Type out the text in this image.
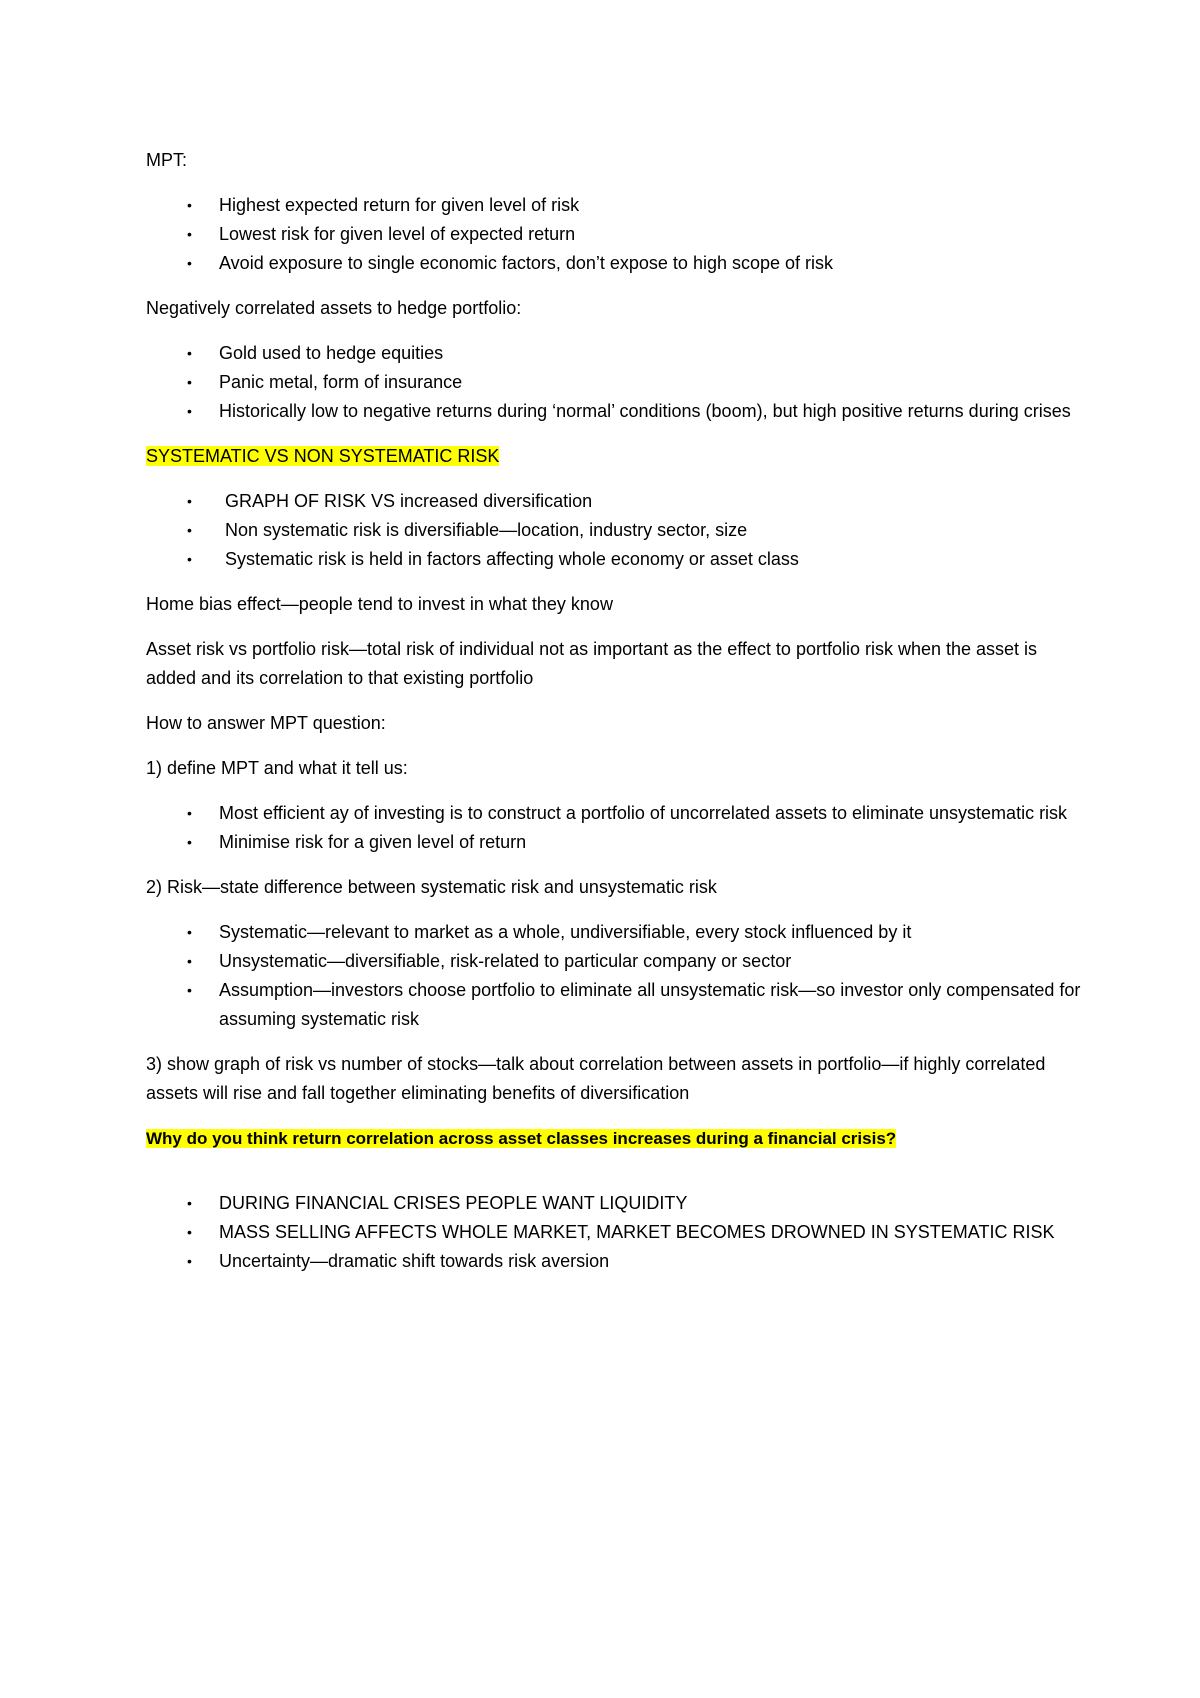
MPT:

• Highest expected return for given level of risk
• Lowest risk for given level of expected return
• Avoid exposure to single economic factors, don’t expose to high scope of risk

Negatively correlated assets to hedge portfolio:

• Gold used to hedge equities
• Panic metal, form of insurance
• Historically low to negative returns during ‘normal’ conditions (boom), but high positive returns during crises

SYSTEMATIC VS NON SYSTEMATIC RISK

• GRAPH OF RISK VS increased diversification
• Non systematic risk is diversifiable—location, industry sector, size
• Systematic risk is held in factors affecting whole economy or asset class

Home bias effect—people tend to invest in what they know

Asset risk vs portfolio risk—total risk of individual not as important as the effect to portfolio risk when the asset is added and its correlation to that existing portfolio

How to answer MPT question:

1) define MPT and what it tell us:

• Most efficient ay of investing is to construct a portfolio of uncorrelated assets to eliminate unsystematic risk
• Minimise risk for a given level of return

2) Risk—state difference between systematic risk and unsystematic risk

• Systematic—relevant to market as a whole, undiversifiable, every stock influenced by it
• Unsystematic—diversifiable, risk-related to particular company or sector
• Assumption—investors choose portfolio to eliminate all unsystematic risk—so investor only compensated for assuming systematic risk

3) show graph of risk vs number of stocks—talk about correlation between assets in portfolio—if highly correlated assets will rise and fall together eliminating benefits of diversification

Why do you think return correlation across asset classes increases during a financial crisis?

• DURING FINANCIAL CRISES PEOPLE WANT LIQUIDITY
• MASS SELLING AFFECTS WHOLE MARKET, MARKET BECOMES DROWNED IN SYSTEMATIC RISK
• Uncertainty—dramatic shift towards risk aversion
